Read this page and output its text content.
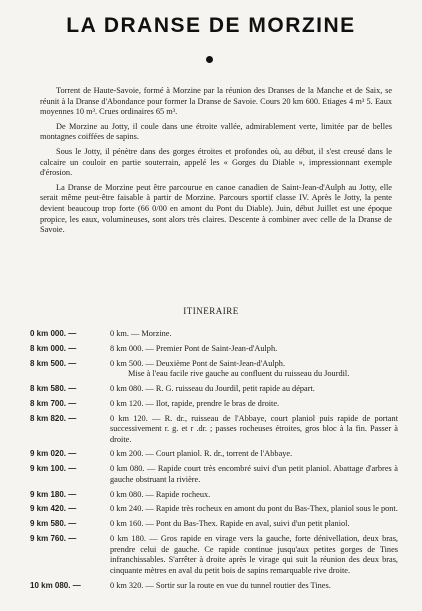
LA DRANSE DE MORZINE

Torrent de Haute-Savoie, formé à Morzine par la réunion des Dranses de la Manche et de Saix, se réunit à la Dranse d'Abondance pour former la Dranse de Savoie. Cours 20 km 600. Etiages 4 m³ 5. Eaux moyennes 10 m³. Crues ordinaires 65 m³.

De Morzine au Jotty, il coule dans une étroite vallée, admirablement verte, limitée par de belles montagnes coiffées de sapins.

Sous le Jotty, il pénètre dans des gorges étroites et profondes où, au début, il s'est creusé dans le calcaire un couloir en partie souterrain, appelé les « Gorges du Diable », impressionnant exemple d'érosion.

La Dranse de Morzine peut être parcourue en canoe canadien de Saint-Jean-d'Aulph au Jotty, elle serait même peut-être faisable à partir de Morzine. Parcours sportif classe IV. Après le Jotty, la pente devient beaucoup trop forte (66 0/00 en amont du Pont du Diable). Juin, début Juillet est une époque propice, les eaux, volumineuses, sont alors très claires. Descente à combiner avec celle de la Dranse de Savoie.

ITINERAIRE
0 km 000. —	0 km. — Morzine.
8 km 000. —	8 km 000. — Premier Pont de Saint-Jean-d'Aulph.
8 km 500. —	0 km 500. — Deuxième Pont de Saint-Jean-d'Aulph.
Mise à l'eau facile rive gauche au confluent du ruisseau du Jourdil.
8 km 580. —	0 km 080. — R. G. ruisseau du Jourdil, petit rapide au départ.
8 km 700. —	0 km 120. — Ilot, rapide, prendre le bras de droite.
8 km 820. —	0 km 120. — R. dr., ruisseau de l'Abbaye, court planiol puis rapide de portant successivement r. g. et r .dr. ; passes rocheuses étroites, gros bloc à la fin. Passer à droite.
9 km 020. —	0 km 200. — Court planiol. R. dr., torrent de l'Abbaye.
9 km 100. —	0 km 080. — Rapide court très encombré suivi d'un petit planiol. Abattage d'arbres à gauche obstruant la rivière.
9 km 180. —	0 km 080. — Rapide rocheux.
9 km 420. —	0 km 240. — Rapide très rocheux en amont du pont du Bas-Thex, planiol sous le pont.
9 km 580. —	0 km 160. — Pont du Bas-Thex. Rapide en aval, suivi d'un petit planiol.
9 km 760. —	0 km 180. — Gros rapide en virage vers la gauche, forte dénivellation, deux bras, prendre celui de gauche. Ce rapide continue jusqu'aux petites gorges de Tines infranchissables. S'arrêter à droite après le virage qui suit la réunion des deux bras, cinquante mètres en aval du petit bois de sapins remarquable rive droite.
10 km 080. —	0 km 320. — Sortir sur la route en vue du tunnel routier des Tines.
